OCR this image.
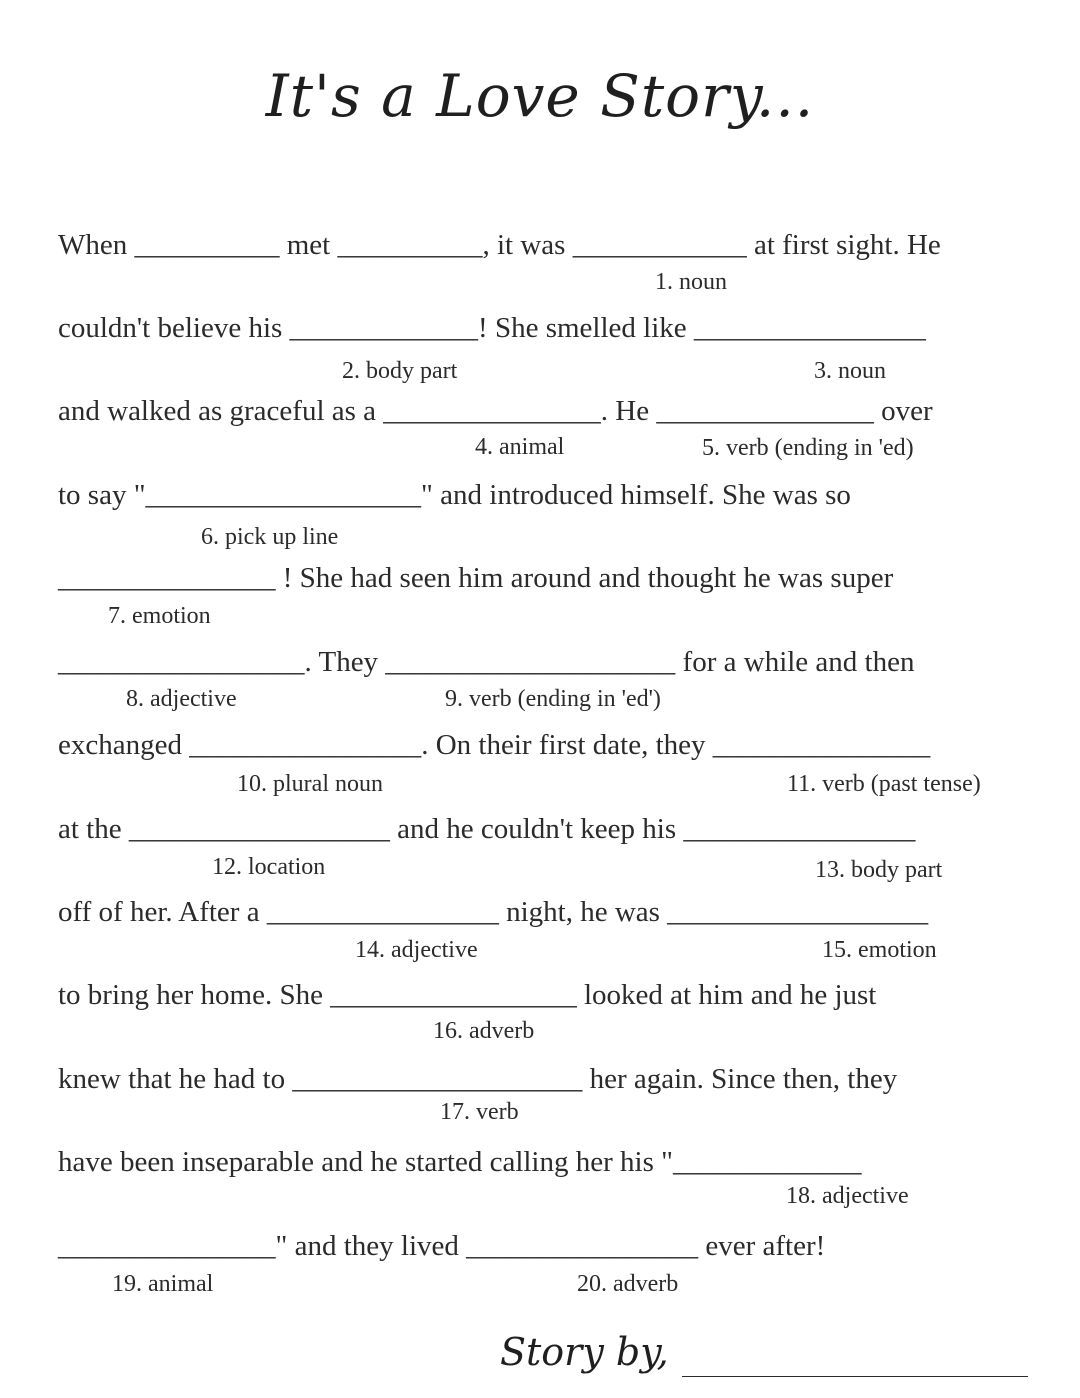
It's a Love Story...
When __________ met __________, it was ____________ at first sight. He
couldn't believe his _____________! She smelled like ________________
and walked as graceful as a _______________. He _______________ over
to say "___________________" and introduced himself. She was so
_______________ ! She had seen him around and thought he was super
_________________. They ____________________ for a while and then
exchanged ________________. On their first date, they _______________
at the __________________ and he couldn't keep his ________________
off of her. After a ________________ night, he was __________________
to bring her home. She _________________ looked at him and he just
knew that he had to ____________________ her again. Since then, they
have been inseparable and he started calling her his "_____________
_______________" and they lived ________________ ever after!
1. noun
2. body part	3. noun
4. animal	5. verb (ending in 'ed)
6. pick up line
7. emotion
8. adjective	9. verb (ending in 'ed')
10. plural noun	11. verb (past tense)
12. location	13. body part
14. adjective	15. emotion
16. adverb
17. verb
18. adjective
19. animal	20. adverb
Story by,
